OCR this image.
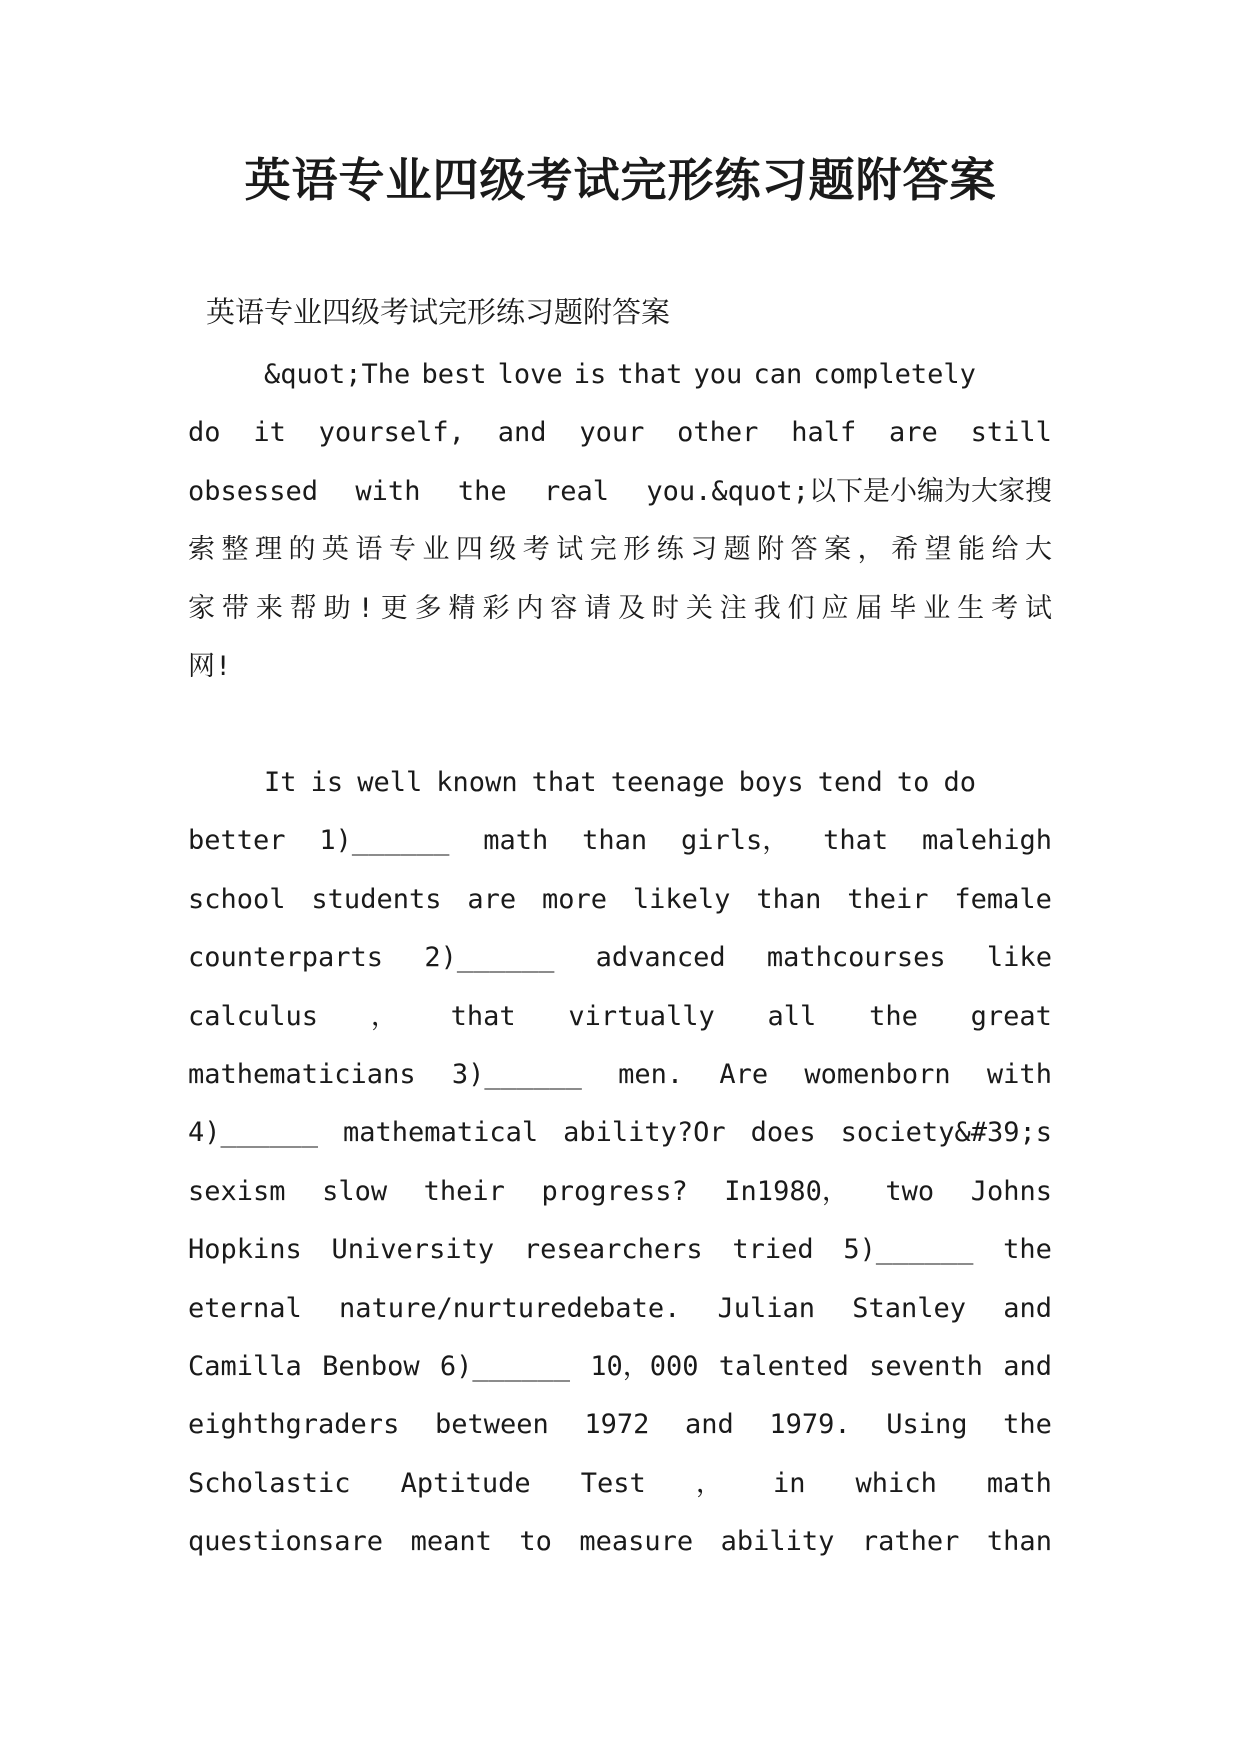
英语专业四级考试完形练习题附答案

英语专业四级考试完形练习题附答案

&quot;The best love is that you can completely
do it yourself, and your other half are still
obsessed with the real you.&quot;以下是小编为大家搜
索整理的英语专业四级考试完形练习题附答案，希望能给大
家带来帮助!更多精彩内容请及时关注我们应届毕业生考试
网!
It is well known that teenage boys tend to do
better 1)______ math than girls， that malehigh
school students are more likely than their female
counterparts 2)______ advanced mathcourses like
calculus ， that virtually all the great
mathematicians 3)______ men. Are womenborn with
4)______ mathematical ability?Or does society&#39;s
sexism slow their progress? In1980， two Johns
Hopkins University researchers tried 5)______ the
eternal nature/nurturedebate. Julian Stanley and
Camilla Benbow 6)______ 10，000 talented seventh and
eighthgraders between 1972 and 1979. Using the
Scholastic Aptitude Test ， in which math
questionsare meant to measure ability rather than
